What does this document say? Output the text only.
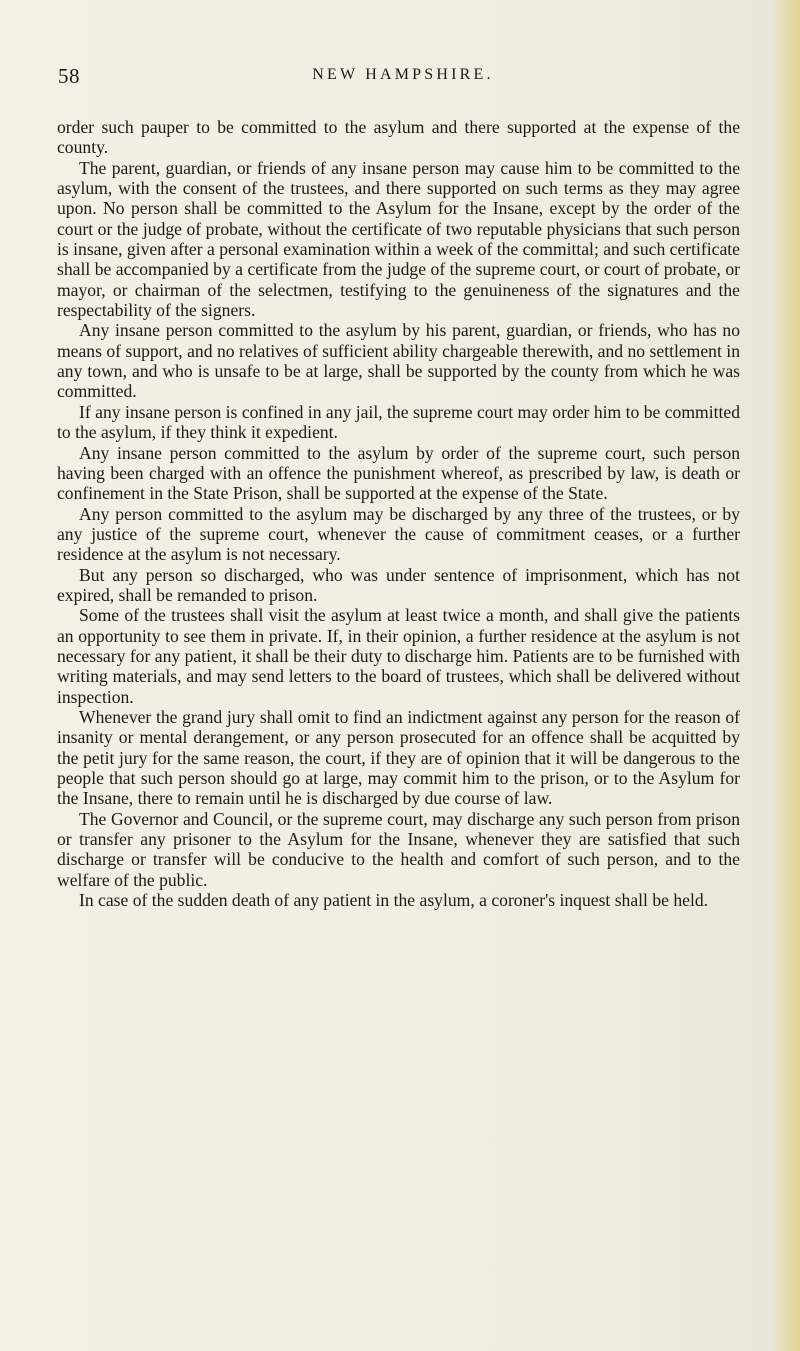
58	NEW HAMPSHIRE.

order such pauper to be committed to the asylum and there supported at the expense of the county.

The parent, guardian, or friends of any insane person may cause him to be committed to the asylum, with the consent of the trustees, and there supported on such terms as they may agree upon. No person shall be committed to the Asylum for the Insane, except by the order of the court or the judge of probate, without the certificate of two reputable physicians that such person is insane, given after a personal examination within a week of the committal; and such certificate shall be accompanied by a certificate from the judge of the supreme court, or court of probate, or mayor, or chairman of the selectmen, testifying to the genuineness of the signatures and the respectability of the signers.

Any insane person committed to the asylum by his parent, guardian, or friends, who has no means of support, and no relatives of sufficient ability chargeable therewith, and no settlement in any town, and who is unsafe to be at large, shall be supported by the county from which he was committed.

If any insane person is confined in any jail, the supreme court may order him to be committed to the asylum, if they think it expedient.

Any insane person committed to the asylum by order of the supreme court, such person having been charged with an offence the punishment whereof, as prescribed by law, is death or confinement in the State Prison, shall be supported at the expense of the State.

Any person committed to the asylum may be discharged by any three of the trustees, or by any justice of the supreme court, whenever the cause of commitment ceases, or a further residence at the asylum is not necessary.

But any person so discharged, who was under sentence of imprisonment, which has not expired, shall be remanded to prison.

Some of the trustees shall visit the asylum at least twice a month, and shall give the patients an opportunity to see them in private. If, in their opinion, a further residence at the asylum is not necessary for any patient, it shall be their duty to discharge him. Patients are to be furnished with writing materials, and may send letters to the board of trustees, which shall be delivered without inspection.

Whenever the grand jury shall omit to find an indictment against any person for the reason of insanity or mental derangement, or any person prosecuted for an offence shall be acquitted by the petit jury for the same reason, the court, if they are of opinion that it will be dangerous to the people that such person should go at large, may commit him to the prison, or to the Asylum for the Insane, there to remain until he is discharged by due course of law.

The Governor and Council, or the supreme court, may discharge any such person from prison or transfer any prisoner to the Asylum for the Insane, whenever they are satisfied that such discharge or transfer will be conducive to the health and comfort of such person, and to the welfare of the public.

In case of the sudden death of any patient in the asylum, a coroner's inquest shall be held.
